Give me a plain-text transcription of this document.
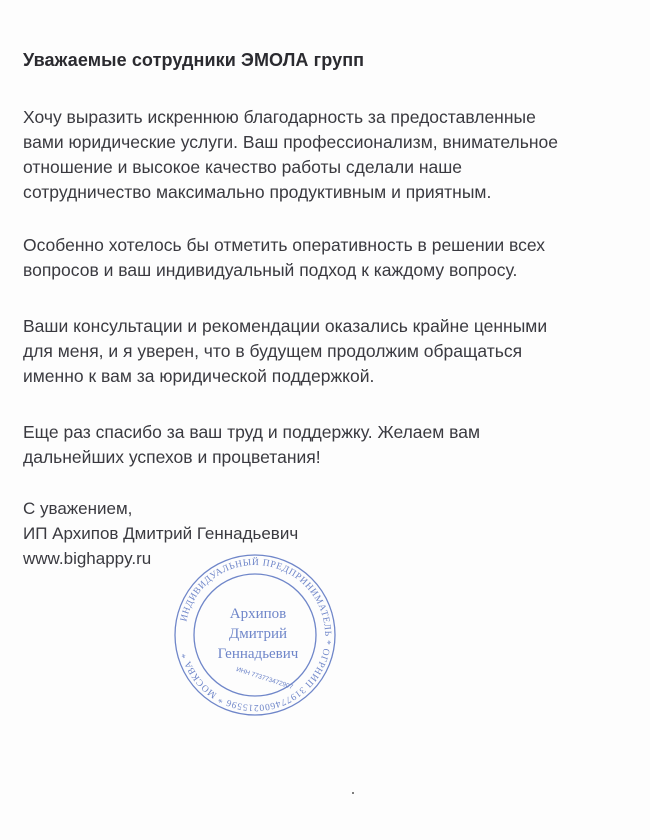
Уважаемые сотрудники ЭМОЛА групп
Хочу выразить искреннюю благодарность за предоставленные
вами юридические услуги. Ваш профессионализм, внимательное
отношение и высокое качество работы сделали наше
сотрудничество максимально продуктивным и приятным.
Особенно хотелось бы отметить оперативность в решении всех
вопросов и ваш индивидуальный подход к каждому вопросу.
Ваши консультации и рекомендации оказались крайне ценными
для меня, и я уверен, что в будущем продолжим обращаться
именно к вам за юридической поддержкой.
Еще раз спасибо за ваш труд и поддержку. Желаем вам
дальнейших успехов и процветания!
С уважением,
ИП Архипов Дмитрий Геннадьевич
www.bighappy.ru
ИНДИВИДУАЛЬНЫЙ ПРЕДПРИНИМАТЕЛЬ * ОГРНИП 319774600215596 * МОСКВА *
Архипов
Дмитрий
Геннадьевич
ИНН 773773472907
